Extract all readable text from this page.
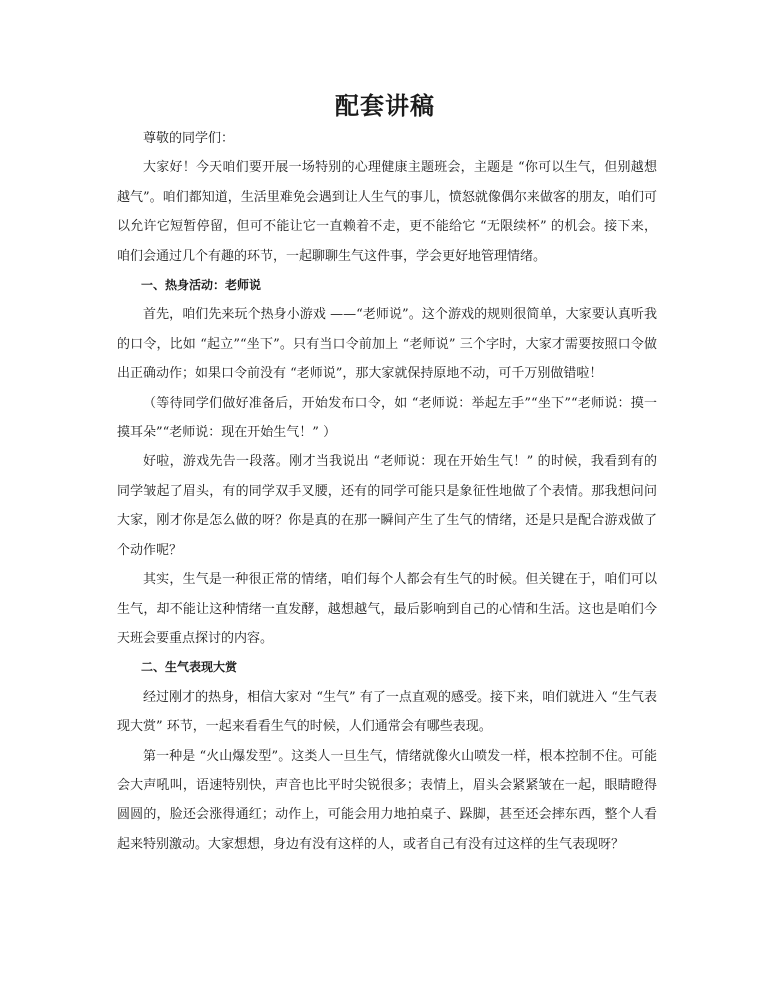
配套讲稿

尊敬的同学们：

大家好！今天咱们要开展一场特别的心理健康主题班会，主题是 “你可以生气，但别越想越气”。咱们都知道，生活里难免会遇到让人生气的事儿，愤怒就像偶尔来做客的朋友，咱们可以允许它短暂停留，但可不能让它一直赖着不走，更不能给它 “无限续杯” 的机会。接下来，咱们会通过几个有趣的环节，一起聊聊生气这件事，学会更好地管理情绪。

一、热身活动：老师说

首先，咱们先来玩个热身小游戏 ——“老师说”。这个游戏的规则很简单，大家要认真听我的口令，比如 “起立”“坐下”。只有当口令前加上 “老师说” 三个字时，大家才需要按照口令做出正确动作；如果口令前没有 “老师说”，那大家就保持原地不动，可千万别做错啦！

（等待同学们做好准备后，开始发布口令，如 “老师说：举起左手”“坐下”“老师说：摸一摸耳朵”“老师说：现在开始生气！” ）

好啦，游戏先告一段落。刚才当我说出 “老师说：现在开始生气！” 的时候，我看到有的同学皱起了眉头，有的同学双手叉腰，还有的同学可能只是象征性地做了个表情。那我想问问大家，刚才你是怎么做的呀？你是真的在那一瞬间产生了生气的情绪，还是只是配合游戏做了个动作呢？

其实，生气是一种很正常的情绪，咱们每个人都会有生气的时候。但关键在于，咱们可以生气，却不能让这种情绪一直发酵，越想越气，最后影响到自己的心情和生活。这也是咱们今天班会要重点探讨的内容。

二、生气表现大赏

经过刚才的热身，相信大家对 “生气” 有了一点直观的感受。接下来，咱们就进入 “生气表现大赏” 环节，一起来看看生气的时候，人们通常会有哪些表现。

第一种是 “火山爆发型”。这类人一旦生气，情绪就像火山喷发一样，根本控制不住。可能会大声吼叫，语速特别快，声音也比平时尖锐很多；表情上，眉头会紧紧皱在一起，眼睛瞪得圆圆的，脸还会涨得通红；动作上，可能会用力地拍桌子、跺脚，甚至还会摔东西，整个人看起来特别激动。大家想想，身边有没有这样的人，或者自己有没有过这样的生气表现呀？
